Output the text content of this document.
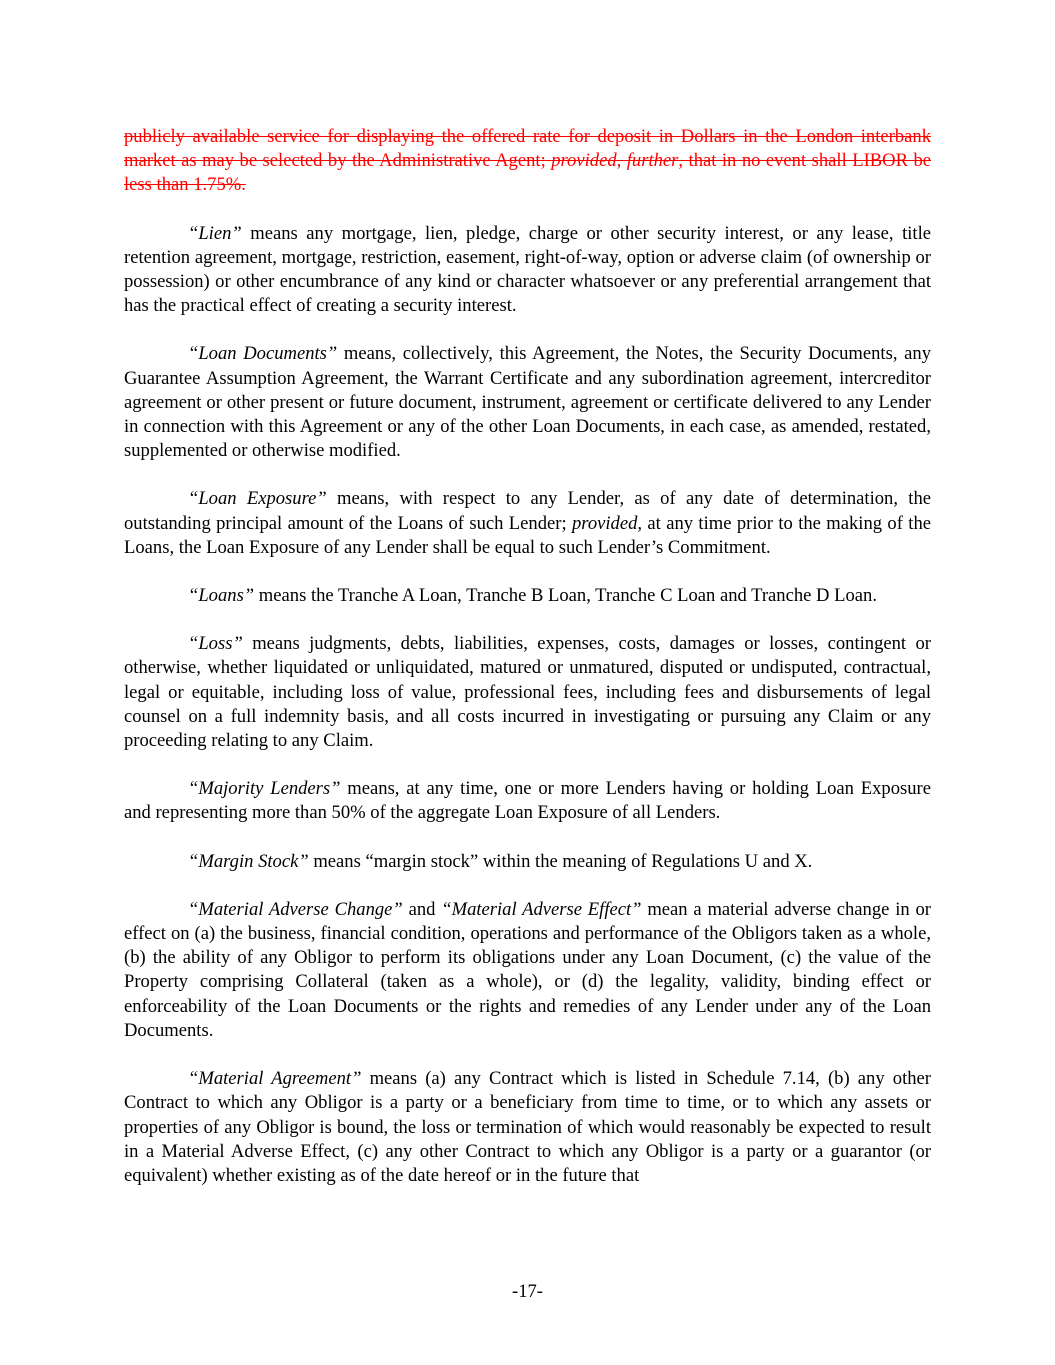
publicly available service for displaying the offered rate for deposit in Dollars in the London interbank market as may be selected by the Administrative Agent; provided, further, that in no event shall LIBOR be less than 1.75%.

“Lien” means any mortgage, lien, pledge, charge or other security interest, or any lease, title retention agreement, mortgage, restriction, easement, right-of-way, option or adverse claim (of ownership or possession) or other encumbrance of any kind or character whatsoever or any preferential arrangement that has the practical effect of creating a security interest.

“Loan Documents” means, collectively, this Agreement, the Notes, the Security Documents, any Guarantee Assumption Agreement, the Warrant Certificate and any subordination agreement, intercreditor agreement or other present or future document, instrument, agreement or certificate delivered to any Lender in connection with this Agreement or any of the other Loan Documents, in each case, as amended, restated, supplemented or otherwise modified.

“Loan Exposure” means, with respect to any Lender, as of any date of determination, the outstanding principal amount of the Loans of such Lender; provided, at any time prior to the making of the Loans, the Loan Exposure of any Lender shall be equal to such Lender’s Commitment.

“Loans” means the Tranche A Loan, Tranche B Loan, Tranche C Loan and Tranche D Loan.

“Loss” means judgments, debts, liabilities, expenses, costs, damages or losses, contingent or otherwise, whether liquidated or unliquidated, matured or unmatured, disputed or undisputed, contractual, legal or equitable, including loss of value, professional fees, including fees and disbursements of legal counsel on a full indemnity basis, and all costs incurred in investigating or pursuing any Claim or any proceeding relating to any Claim.

“Majority Lenders” means, at any time, one or more Lenders having or holding Loan Exposure and representing more than 50% of the aggregate Loan Exposure of all Lenders.

“Margin Stock” means “margin stock” within the meaning of Regulations U and X.

“Material Adverse Change” and “Material Adverse Effect” mean a material adverse change in or effect on (a) the business, financial condition, operations and performance of the Obligors taken as a whole, (b) the ability of any Obligor to perform its obligations under any Loan Document, (c) the value of the Property comprising Collateral (taken as a whole), or (d) the legality, validity, binding effect or enforceability of the Loan Documents or the rights and remedies of any Lender under any of the Loan Documents.

“Material Agreement” means (a) any Contract which is listed in Schedule 7.14, (b) any other Contract to which any Obligor is a party or a beneficiary from time to time, or to which any assets or properties of any Obligor is bound, the loss or termination of which would reasonably be expected to result in a Material Adverse Effect, (c) any other Contract to which any Obligor is a party or a guarantor (or equivalent) whether existing as of the date hereof or in the future that

-17-
